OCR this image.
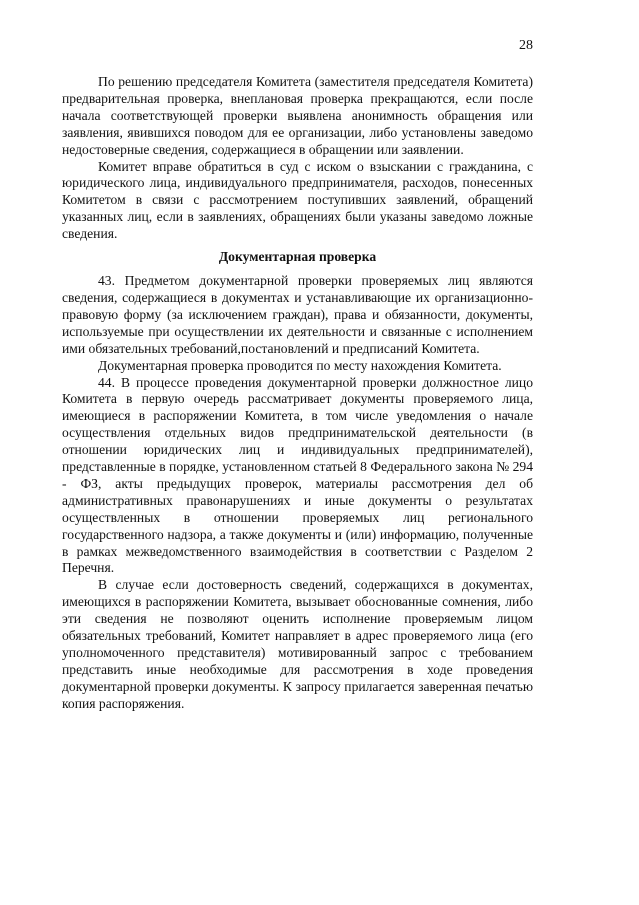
28

По решению председателя Комитета (заместителя председателя Комитета) предварительная проверка, внеплановая проверка прекращаются, если после начала соответствующей проверки выявлена анонимность обращения или заявления, явившихся поводом для ее организации, либо установлены заведомо недостоверные сведения, содержащиеся в обращении или заявлении.

Комитет вправе обратиться в суд с иском о взыскании с гражданина, с юридического лица, индивидуального предпринимателя, расходов, понесенных Комитетом в связи с рассмотрением поступивших заявлений, обращений указанных лиц, если в заявлениях, обращениях были указаны заведомо ложные сведения.

Документарная проверка

43. Предметом документарной проверки проверяемых лиц являются сведения, содержащиеся в документах и устанавливающие их организационно-правовую форму (за исключением граждан), права и обязанности, документы, используемые при осуществлении их деятельности и связанные с исполнением ими обязательных требований,постановлений и предписаний Комитета.

Документарная проверка проводится по месту нахождения Комитета.

44. В процессе проведения документарной проверки должностное лицо Комитета в первую очередь рассматривает документы проверяемого лица, имеющиеся в распоряжении Комитета, в том числе уведомления о начале осуществления отдельных видов предпринимательской деятельности (в отношении юридических лиц и индивидуальных предпринимателей), представленные в порядке, установленном статьей 8 Федерального закона № 294 - ФЗ, акты предыдущих проверок, материалы рассмотрения дел об административных правонарушениях и иные документы о результатах осуществленных в отношении проверяемых лиц регионального государственного надзора, а также документы и (или) информацию, полученные в рамках межведомственного взаимодействия в соответствии с Разделом 2 Перечня.

В случае если достоверность сведений, содержащихся в документах, имеющихся в распоряжении Комитета, вызывает обоснованные сомнения, либо эти сведения не позволяют оценить исполнение проверяемым лицом обязательных требований, Комитет направляет в адрес проверяемого лица (его уполномоченного представителя) мотивированный запрос с требованием представить иные необходимые для рассмотрения в ходе проведения документарной проверки документы. К запросу прилагается заверенная печатью копия распоряжения.
